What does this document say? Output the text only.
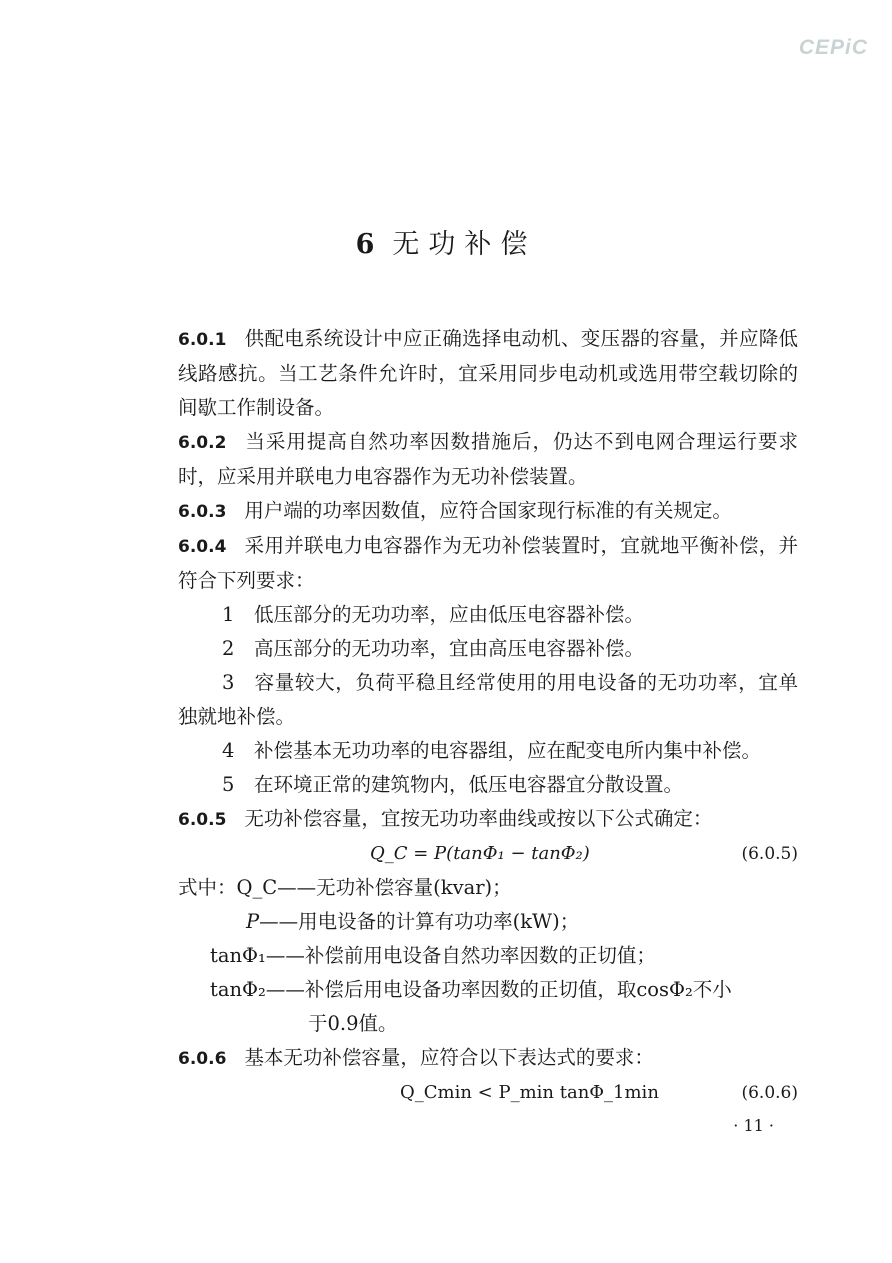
CEPiC
6 无功补偿

6.0.1 供配电系统设计中应正确选择电动机、变压器的容量，并应降低线路感抗。当工艺条件允许时，宜采用同步电动机或选用带空载切除的间歇工作制设备。

6.0.2 当采用提高自然功率因数措施后，仍达不到电网合理运行要求时，应采用并联电力电容器作为无功补偿装置。

6.0.3 用户端的功率因数值，应符合国家现行标准的有关规定。

6.0.4 采用并联电力电容器作为无功补偿装置时，宜就地平衡补偿，并符合下列要求：

1 低压部分的无功功率，应由低压电容器补偿。

2 高压部分的无功功率，宜由高压电容器补偿。

3 容量较大，负荷平稳且经常使用的用电设备的无功功率，宜单独就地补偿。

4 补偿基本无功功率的电容器组，应在配变电所内集中补偿。

5 在环境正常的建筑物内，低压电容器宜分散设置。

6.0.5 无功补偿容量，宜按无功功率曲线或按以下公式确定：

Q_C = P(tanΦ₁ − tanΦ₂)	(6.0.5)

式中：Q_C——无功补偿容量(kvar)；

P——用电设备的计算有功功率(kW)；

tanΦ₁——补偿前用电设备自然功率因数的正切值；

tanΦ₂——补偿后用电设备功率因数的正切值，取cosΦ₂不小

于0.9值。

6.0.6 基本无功补偿容量，应符合以下表达式的要求：

Q_Cmin < P_min tanΦ_1min	(6.0.6)
· 11 ·
